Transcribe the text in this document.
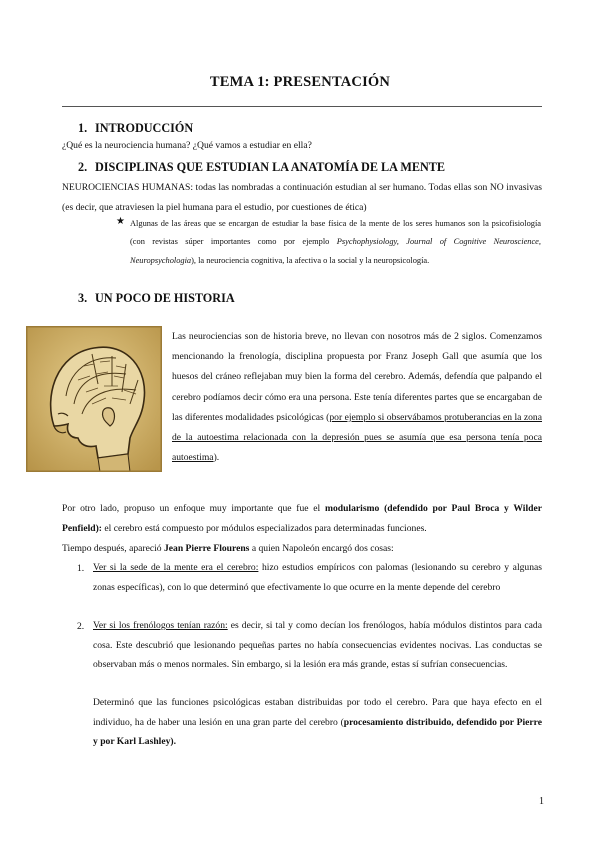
TEMA 1: PRESENTACIÓN
1. INTRODUCCIÓN
¿Qué es la neurociencia humana? ¿Qué vamos a estudiar en ella?
2. DISCIPLINAS QUE ESTUDIAN LA ANATOMÍA DE LA MENTE
NEUROCIENCIAS HUMANAS: todas las nombradas a continuación estudian al ser humano. Todas ellas son NO invasivas (es decir, que atraviesen la piel humana para el estudio, por cuestiones de ética)
★ Algunas de las áreas que se encargan de estudiar la base física de la mente de los seres humanos son la psicofisiología (con revistas súper importantes como por ejemplo Psychophysiology, Journal of Cognitive Neuroscience, Neuropsychologia), la neurociencia cognitiva, la afectiva o la social y la neuropsicología.
3. UN POCO DE HISTORIA
Las neurociencias son de historia breve, no llevan con nosotros más de 2 siglos. Comenzamos mencionando la frenología, disciplina propuesta por Franz Joseph Gall que asumía que los huesos del cráneo reflejaban muy bien la forma del cerebro. Además, defendía que palpando el cerebro podíamos decir cómo era una persona. Este tenía diferentes partes que se encargaban de las diferentes modalidades psicológicas (por ejemplo si observábamos protuberancias en la zona de la autoestima relacionada con la depresión pues se asumía que esa persona tenía poca autoestima).
Por otro lado, propuso un enfoque muy importante que fue el modularismo (defendido por Paul Broca y Wilder Penfield): el cerebro está compuesto por módulos especializados para determinadas funciones.
Tiempo después, apareció Jean Pierre Flourens a quien Napoleón encargó dos cosas:
1. Ver si la sede de la mente era el cerebro: hizo estudios empíricos con palomas (lesionando su cerebro y algunas zonas específicas), con lo que determinó que efectivamente lo que ocurre en la mente depende del cerebro
2. Ver si los frenólogos tenían razón: es decir, si tal y como decían los frenólogos, había módulos distintos para cada cosa. Este descubrió que lesionando pequeñas partes no había consecuencias evidentes nocivas. Las conductas se observaban más o menos normales. Sin embargo, si la lesión era más grande, estas sí sufrían consecuencias.
Determinó que las funciones psicológicas estaban distribuidas por todo el cerebro. Para que haya efecto en el individuo, ha de haber una lesión en una gran parte del cerebro (procesamiento distribuido, defendido por Pierre y por Karl Lashley).
1
